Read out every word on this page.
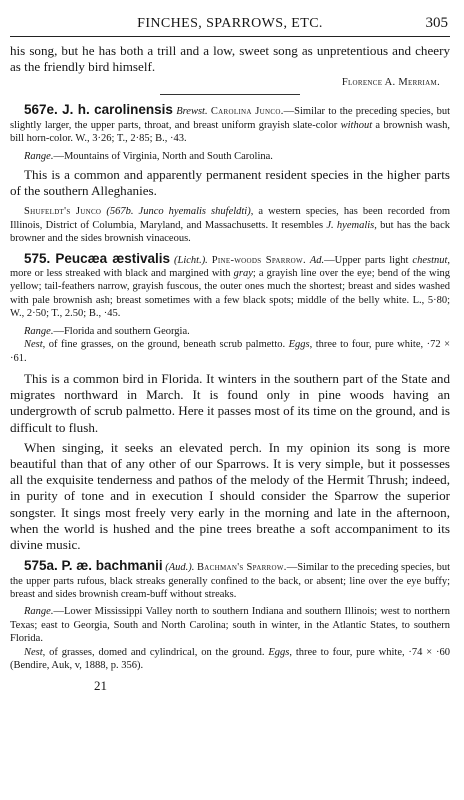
FINCHES, SPARROWS, ETC.	305

his song, but he has both a trill and a low, sweet song as unpretentious and cheery as the friendly bird himself.

Florence A. Merriam.

567e. J. h. carolinensis Brewst. Carolina Junco.—Similar to the preceding species, but slightly larger, the upper parts, throat, and breast uniform grayish slate-color without a brownish wash, bill horn-color. W., 3·26; T., 2·85; B., ·43.

Range.—Mountains of Virginia, North and South Carolina.

This is a common and apparently permanent resident species in the higher parts of the southern Alleghanies.

Shufeldt's Junco (567b. Junco hyemalis shufeldti), a western species, has been recorded from Illinois, District of Columbia, Maryland, and Massachusetts. It resembles J. hyemalis, but has the back browner and the sides brownish vinaceous.

575. Peucæa æstivalis (Licht.). Pine-woods Sparrow. Ad.—Upper parts light chestnut, more or less streaked with black and margined with gray; a grayish line over the eye; bend of the wing yellow; tail-feathers narrow, grayish fuscous, the outer ones much the shortest; breast and sides washed with pale brownish ash; breast sometimes with a few black spots; middle of the belly white. L., 5·80; W., 2·50; T., 2.50; B., ·45.

Range.—Florida and southern Georgia.

Nest, of fine grasses, on the ground, beneath scrub palmetto. Eggs, three to four, pure white, ·72 × ·61.

This is a common bird in Florida. It winters in the southern part of the State and migrates northward in March. It is found only in pine woods having an undergrowth of scrub palmetto. Here it passes most of its time on the ground, and is difficult to flush.

When singing, it seeks an elevated perch. In my opinion its song is more beautiful than that of any other of our Sparrows. It is very simple, but it possesses all the exquisite tenderness and pathos of the melody of the Hermit Thrush; indeed, in purity of tone and in execution I should consider the Sparrow the superior songster. It sings most freely very early in the morning and late in the afternoon, when the world is hushed and the pine trees breathe a soft accompaniment to its divine music.

575a. P. æ. bachmanii (Aud.). Bachman's Sparrow.—Similar to the preceding species, but the upper parts rufous, black streaks generally confined to the back, or absent; line over the eye buffy; breast and sides brownish cream-buff without streaks.

Range.—Lower Mississippi Valley north to southern Indiana and southern Illinois; west to northern Texas; east to Georgia, South and North Carolina; south in winter, in the Atlantic States, to southern Florida.

Nest, of grasses, domed and cylindrical, on the ground. Eggs, three to four, pure white, ·74 × ·60 (Bendire, Auk, v, 1888, p. 356).

21
